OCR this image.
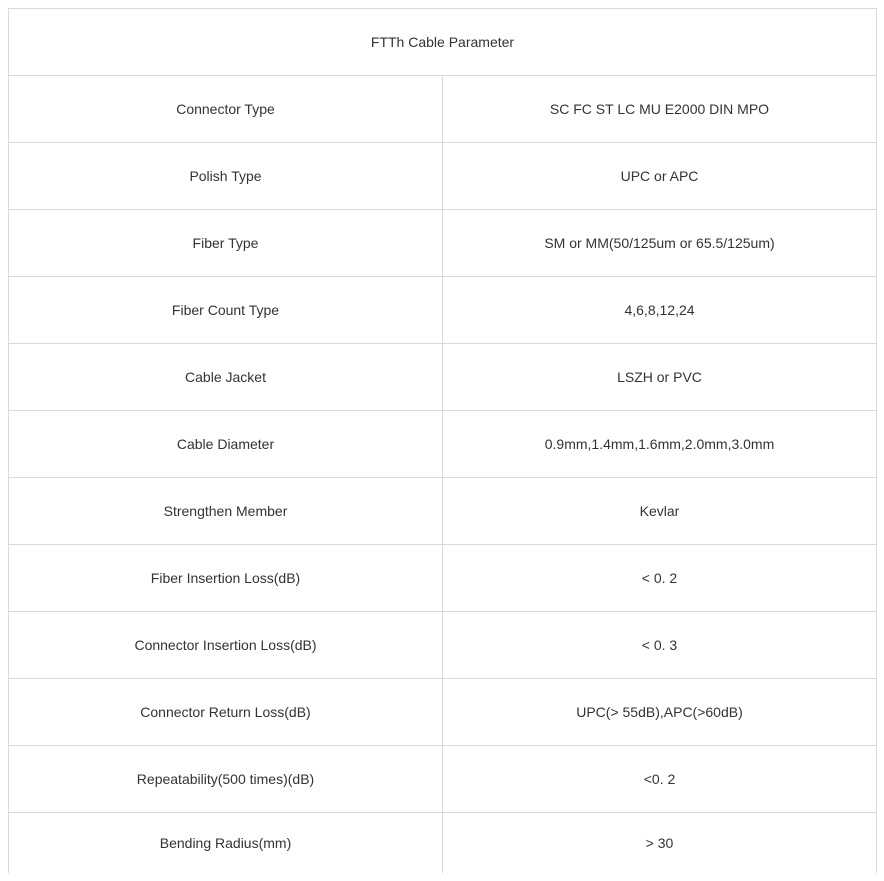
FTTh Cable Parameter	
Connector Type	SC FC ST LC MU E2000 DIN MPO
Polish Type	UPC or APC
Fiber Type	SM or MM(50/125um or 65.5/125um)
Fiber Count Type	4,6,8,12,24
Cable Jacket	LSZH or PVC
Cable Diameter	0.9mm,1.4mm,1.6mm,2.0mm,3.0mm
Strengthen Member	Kevlar
Fiber Insertion Loss(dB)	< 0. 2
Connector Insertion Loss(dB)	< 0. 3
Connector Return Loss(dB)	UPC(> 55dB),APC(>60dB)
Repeatability(500 times)(dB)	<0. 2
Bending Radius(mm)	> 30
